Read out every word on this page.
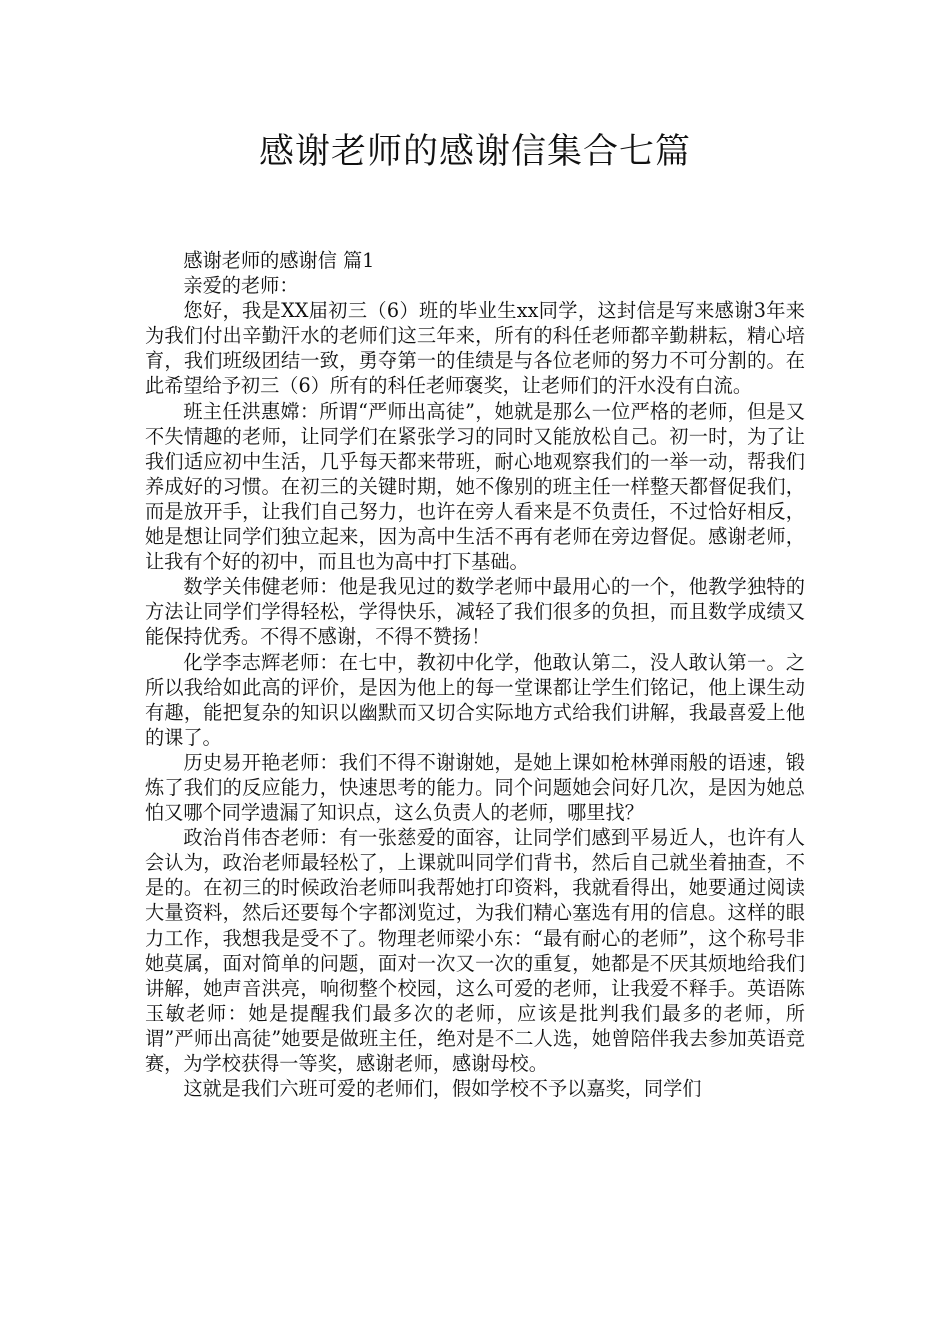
感谢老师的感谢信集合七篇

感谢老师的感谢信 篇1

亲爱的老师：

您好，我是XX届初三（6）班的毕业生xx同学，这封信是写来感谢3年来为我们付出辛勤汗水的老师们这三年来，所有的科任老师都辛勤耕耘，精心培育，我们班级团结一致，勇夺第一的佳绩是与各位老师的努力不可分割的。在此希望给予初三（6）所有的科任老师褒奖，让老师们的汗水没有白流。

班主任洪惠嫦：所谓“严师出高徒”，她就是那么一位严格的老师，但是又不失情趣的老师，让同学们在紧张学习的同时又能放松自己。初一时，为了让我们适应初中生活，几乎每天都来带班，耐心地观察我们的一举一动，帮我们养成好的习惯。在初三的关键时期，她不像别的班主任一样整天都督促我们，而是放开手，让我们自己努力，也许在旁人看来是不负责任，不过恰好相反，她是想让同学们独立起来，因为高中生活不再有老师在旁边督促。感谢老师，让我有个好的初中，而且也为高中打下基础。

数学关伟健老师：他是我见过的数学老师中最用心的一个，他教学独特的方法让同学们学得轻松，学得快乐，减轻了我们很多的负担，而且数学成绩又能保持优秀。不得不感谢，不得不赞扬！

化学李志辉老师：在七中，教初中化学，他敢认第二，没人敢认第一。之所以我给如此高的评价，是因为他上的每一堂课都让学生们铭记，他上课生动有趣，能把复杂的知识以幽默而又切合实际地方式给我们讲解，我最喜爱上他的课了。

历史易开艳老师：我们不得不谢谢她，是她上课如枪林弹雨般的语速，锻炼了我们的反应能力，快速思考的能力。同个问题她会问好几次，是因为她总怕又哪个同学遗漏了知识点，这么负责人的老师，哪里找？

政治肖伟杏老师：有一张慈爱的面容，让同学们感到平易近人，也许有人会认为，政治老师最轻松了，上课就叫同学们背书，然后自己就坐着抽查，不是的。在初三的时候政治老师叫我帮她打印资料，我就看得出，她要通过阅读大量资料，然后还要每个字都浏览过，为我们精心塞选有用的信息。这样的眼力工作，我想我是受不了。物理老师梁小东：“最有耐心的老师”，这个称号非她莫属，面对简单的问题，面对一次又一次的重复，她都是不厌其烦地给我们讲解，她声音洪亮，响彻整个校园，这么可爱的老师，让我爱不释手。英语陈玉敏老师：她是提醒我们最多次的老师，应该是批判我们最多的老师，所谓”严师出高徒”她要是做班主任，绝对是不二人选，她曾陪伴我去参加英语竞赛，为学校获得一等奖，感谢老师，感谢母校。

这就是我们六班可爱的老师们，假如学校不予以嘉奖，同学们
